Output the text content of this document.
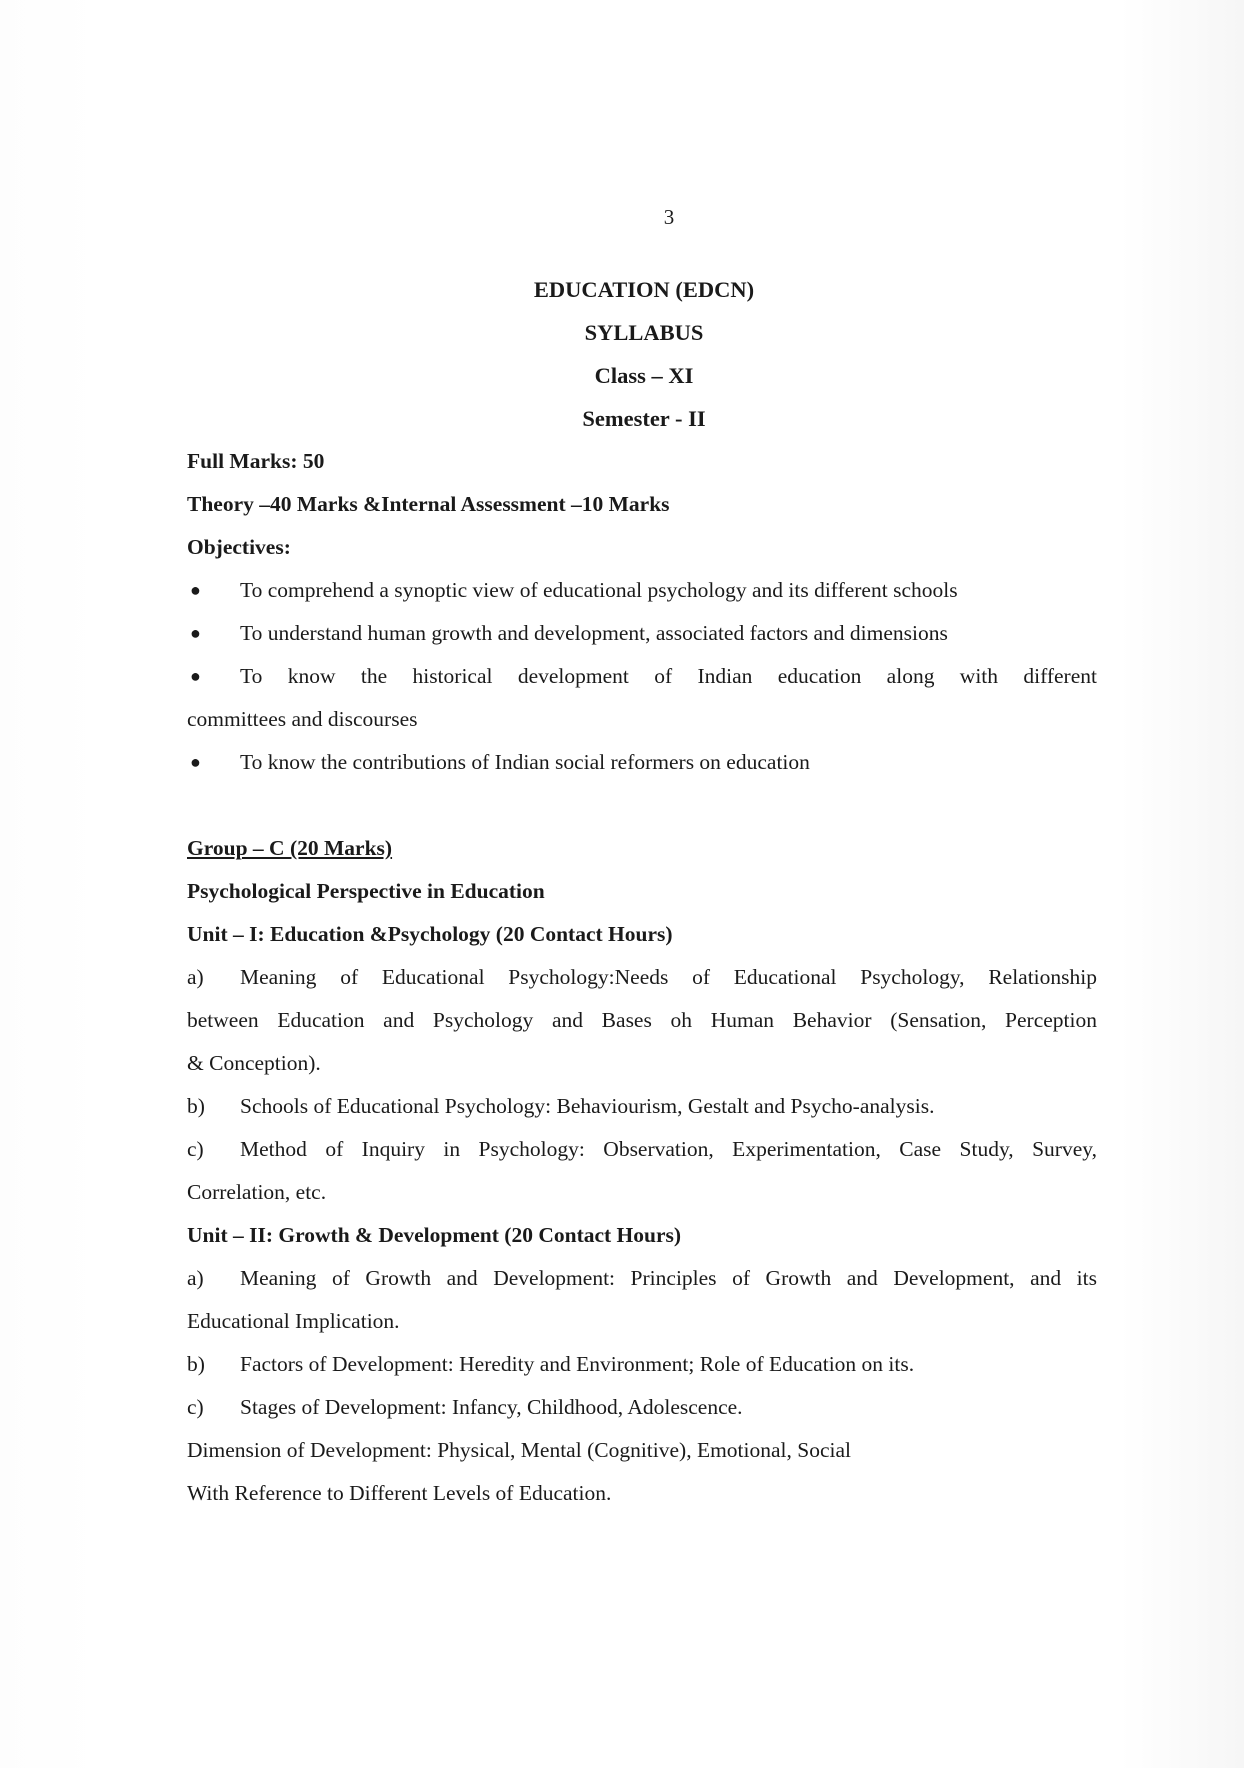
3
EDUCATION (EDCN)
SYLLABUS
Class – XI
Semester - II
Full Marks: 50
Theory –40 Marks &Internal Assessment –10 Marks
Objectives:
● To comprehend a synoptic view of educational psychology and its different schools
● To understand human growth and development, associated factors and dimensions
● To know the historical development of Indian education along with different
committees and discourses
● To know the contributions of Indian social reformers on education
Group – C (20 Marks)
Psychological Perspective in Education
Unit – I: Education &Psychology (20 Contact Hours)
a) Meaning of Educational Psychology:Needs of Educational Psychology, Relationship
between Education and Psychology and Bases oh Human Behavior (Sensation, Perception
& Conception).
b) Schools of Educational Psychology: Behaviourism, Gestalt and Psycho-analysis.
c) Method of Inquiry in Psychology: Observation, Experimentation, Case Study, Survey,
Correlation, etc.
Unit – II: Growth & Development (20 Contact Hours)
a) Meaning of Growth and Development: Principles of Growth and Development, and its
Educational Implication.
b) Factors of Development: Heredity and Environment; Role of Education on its.
c) Stages of Development: Infancy, Childhood, Adolescence.
Dimension of Development: Physical, Mental (Cognitive), Emotional, Social
With Reference to Different Levels of Education.
